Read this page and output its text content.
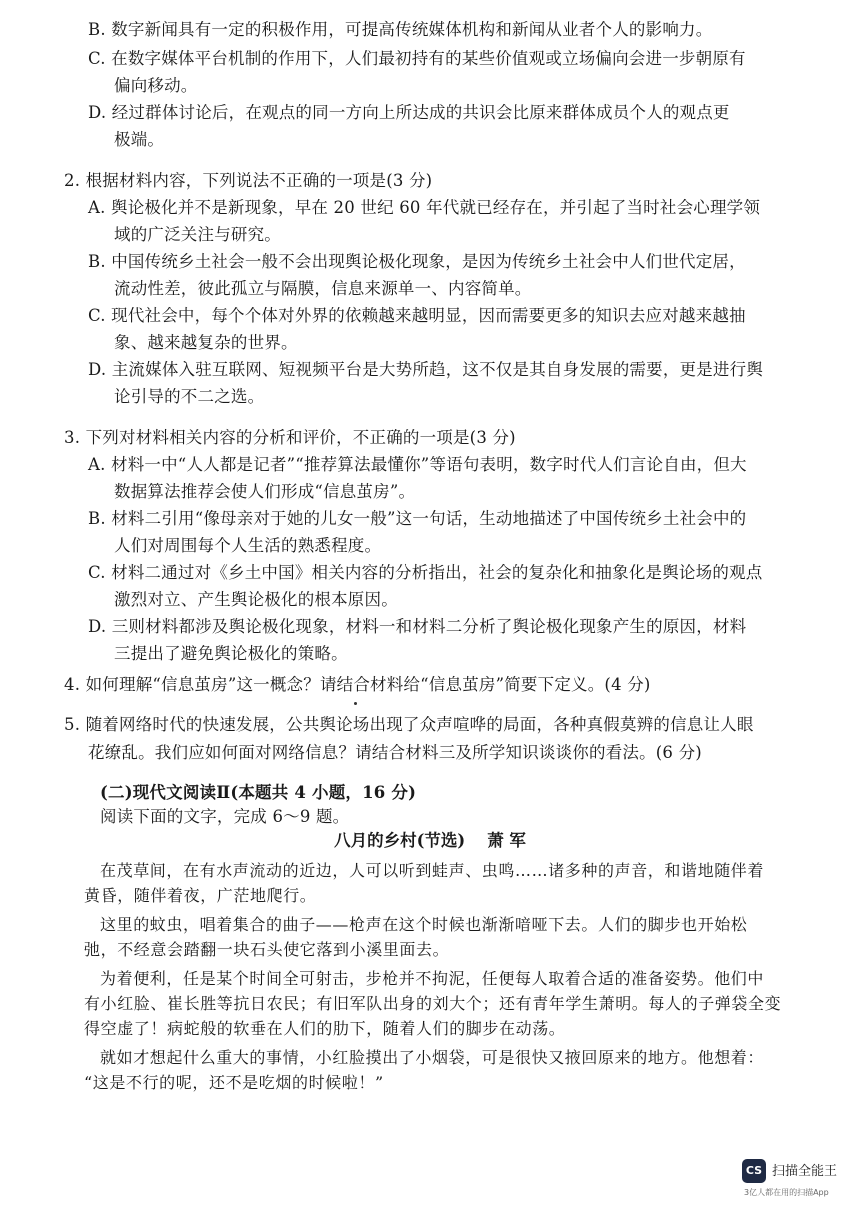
B. 数字新闻具有一定的积极作用，可提高传统媒体机构和新闻从业者个人的影响力。
C. 在数字媒体平台机制的作用下，人们最初持有的某些价值观或立场偏向会进一步朝原有
偏向移动。
D. 经过群体讨论后，在观点的同一方向上所达成的共识会比原来群体成员个人的观点更
极端。
2. 根据材料内容，下列说法不正确的一项是(3 分)
A. 舆论极化并不是新现象，早在 20 世纪 60 年代就已经存在，并引起了当时社会心理学领
域的广泛关注与研究。
B. 中国传统乡土社会一般不会出现舆论极化现象，是因为传统乡土社会中人们世代定居，
流动性差，彼此孤立与隔膜，信息来源单一、内容简单。
C. 现代社会中，每个个体对外界的依赖越来越明显，因而需要更多的知识去应对越来越抽
象、越来越复杂的世界。
D. 主流媒体入驻互联网、短视频平台是大势所趋，这不仅是其自身发展的需要，更是进行舆
论引导的不二之选。
3. 下列对材料相关内容的分析和评价，不正确的一项是(3 分)
A. 材料一中“人人都是记者”“推荐算法最懂你”等语句表明，数字时代人们言论自由，但大
数据算法推荐会使人们形成“信息茧房”。
B. 材料二引用“像母亲对于她的儿女一般”这一句话，生动地描述了中国传统乡土社会中的
人们对周围每个人生活的熟悉程度。
C. 材料二通过对《乡土中国》相关内容的分析指出，社会的复杂化和抽象化是舆论场的观点
激烈对立、产生舆论极化的根本原因。
D. 三则材料都涉及舆论极化现象，材料一和材料二分析了舆论极化现象产生的原因，材料
三提出了避免舆论极化的策略。
4. 如何理解“信息茧房”这一概念？请结合材料给“信息茧房”简要下定义。(4 分)
5. 随着网络时代的快速发展，公共舆论场出现了众声喧哗的局面，各种真假莫辨的信息让人眼
花缭乱。我们应如何面对网络信息？请结合材料三及所学知识谈谈你的看法。(6 分)
(二)现代文阅读Ⅱ(本题共 4 小题，16 分)
阅读下面的文字，完成 6～9 题。
八月的乡村(节选) 萧 军
在茂草间，在有水声流动的近边，人可以听到蛙声、虫鸣……诸多种的声音，和谐地随伴着
黄昏，随伴着夜，广茫地爬行。
这里的蚊虫，唱着集合的曲子——枪声在这个时候也渐渐喑哑下去。人们的脚步也开始松
弛，不经意会踏翻一块石头使它落到小溪里面去。
为着便利，任是某个时间全可射击，步枪并不拘泥，任便每人取着合适的准备姿势。他们中
有小红脸、崔长胜等抗日农民；有旧军队出身的刘大个；还有青年学生萧明。每人的子弹袋全变
得空虚了！病蛇般的软垂在人们的肋下，随着人们的脚步在动荡。
就如才想起什么重大的事情，小红脸摸出了小烟袋，可是很快又掖回原来的地方。他想着：
“这是不行的呢，还不是吃烟的时候啦！”
CS 扫描全能王
3亿人都在用的扫描App
